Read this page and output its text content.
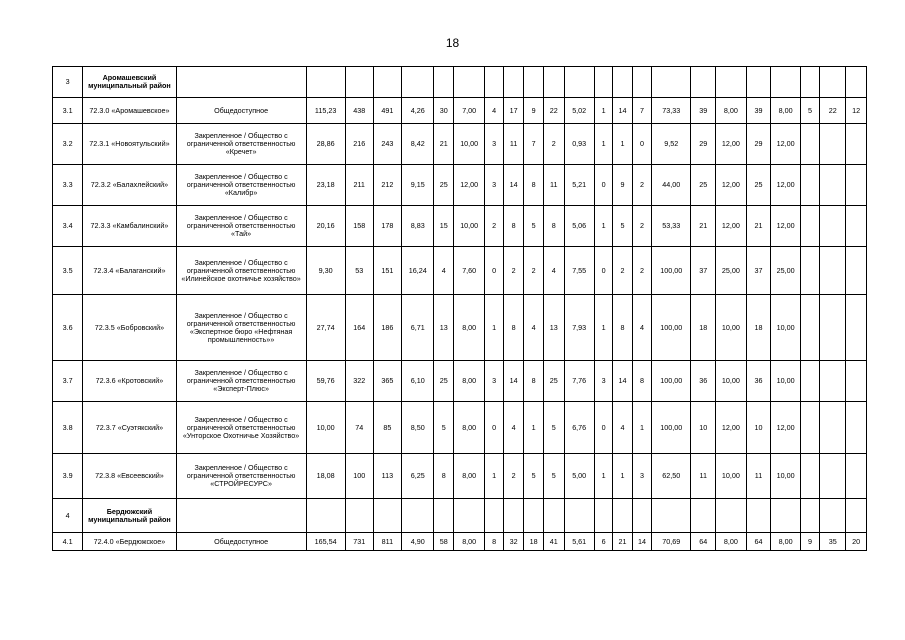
18
3	Аромашевский муниципальный район																							
3.1	72.3.0 «Аромашевское»	Общедоступное	115,23	438	491	4,26	30	7,00	4	17	9	22	5,02	1	14	7	73,33	39	8,00	39	8,00	5	22	12
3.2	72.3.1 «Новоятульский»	Закрепленное / Общество с ограниченной ответственностью «Кречет»	28,86	216	243	8,42	21	10,00	3	11	7	2	0,93	1	1	0	9,52	29	12,00	29	12,00			
3.3	72.3.2 «Балахлейский»	Закрепленное / Общество с ограниченной ответственностью «Калибр»	23,18	211	212	9,15	25	12,00	3	14	8	11	5,21	0	9	2	44,00	25	12,00	25	12,00			
3.4	72.3.3 «Камбалинский»	Закрепленное / Общество с ограниченной ответственностью «Тай»	20,16	158	178	8,83	15	10,00	2	8	5	8	5,06	1	5	2	53,33	21	12,00	21	12,00			
3.5	72.3.4 «Балаганский»	Закрепленное / Общество с ограниченной ответственностью «Илинейское охотничье хозяйство»	9,30	53	151	16,24	4	7,60	0	2	2	4	7,55	0	2	2	100,00	37	25,00	37	25,00			
3.6	72.3.5 «Бобровский»	Закрепленное / Общество с ограниченной ответственностью «Экспертное бюро «Нефтяная промышленность»»	27,74	164	186	6,71	13	8,00	1	8	4	13	7,93	1	8	4	100,00	18	10,00	18	10,00			
3.7	72.3.6 «Кротовский»	Закрепленное / Общество с ограниченной ответственностью «Эксперт-Плюс»	59,76	322	365	6,10	25	8,00	3	14	8	25	7,76	3	14	8	100,00	36	10,00	36	10,00			
3.8	72.3.7 «Суэтякский»	Закрепленное / Общество с ограниченной ответственностью «Унторское Охотничье Хозяйство»	10,00	74	85	8,50	5	8,00	0	4	1	5	6,76	0	4	1	100,00	10	12,00	10	12,00			
3.9	72.3.8 «Евсеевский»	Закрепленное / Общество с ограниченной ответственностью «СТРОЙРЕСУРС»	18,08	100	113	6,25	8	8,00	1	2	5	5	5,00	1	1	3	62,50	11	10,00	11	10,00			
4	Бердюжский муниципальный район																							
4.1	72.4.0 «Бердюжское»	Общедоступное	165,54	731	811	4,90	58	8,00	8	32	18	41	5,61	6	21	14	70,69	64	8,00	64	8,00	9	35	20
